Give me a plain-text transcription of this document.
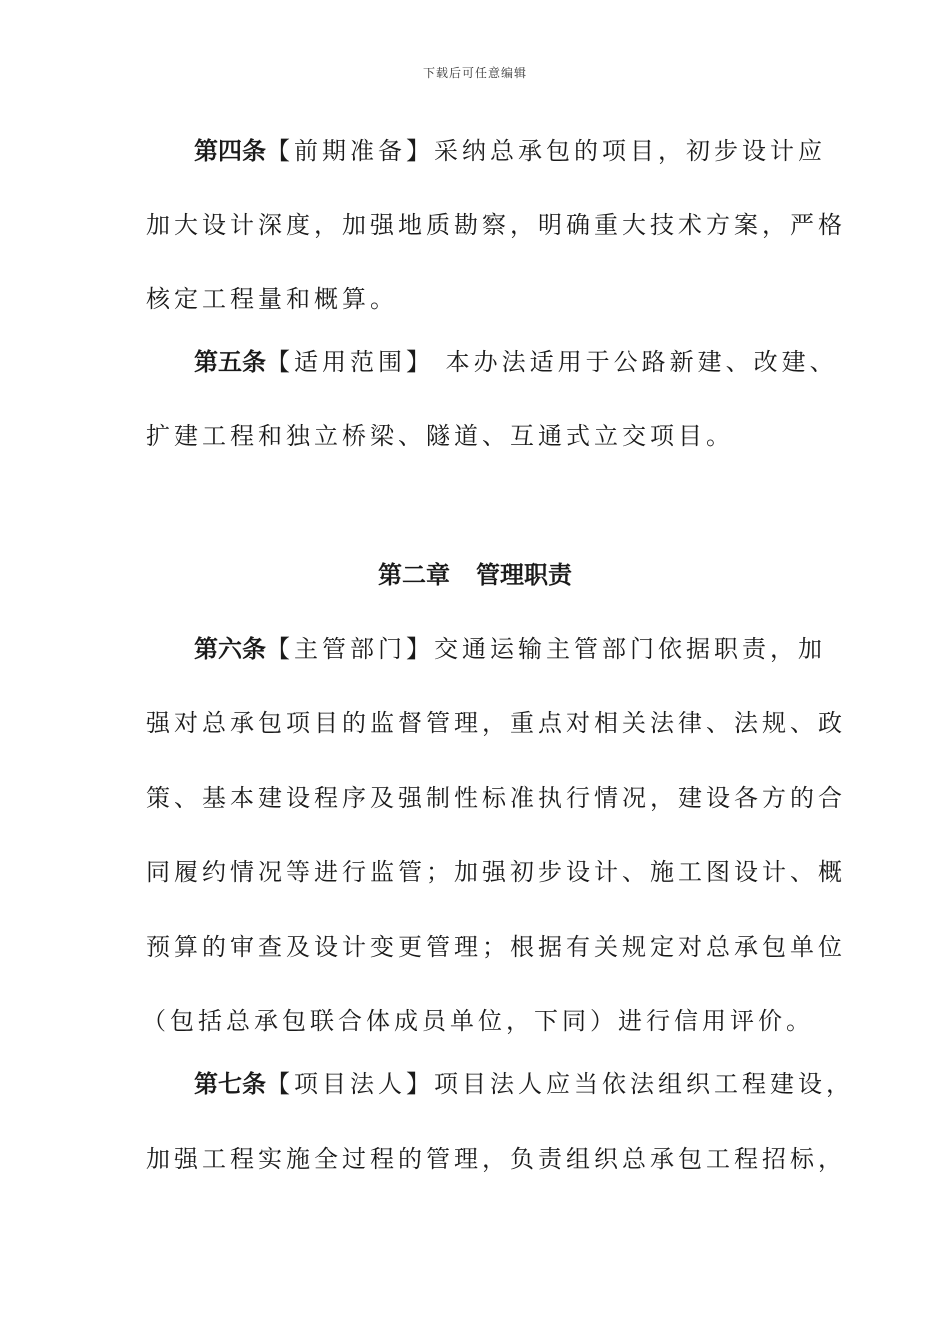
下载后可任意编辑
第四条【前期准备】采纳总承包的项目，初步设计应
加大设计深度，加强地质勘察，明确重大技术方案，严格
核定工程量和概算。
第五条【适用范围】 本办法适用于公路新建、改建、
扩建工程和独立桥梁、隧道、互通式立交项目。
第二章 管理职责
第六条【主管部门】交通运输主管部门依据职责，加
强对总承包项目的监督管理，重点对相关法律、法规、政
策、基本建设程序及强制性标准执行情况，建设各方的合
同履约情况等进行监管；加强初步设计、施工图设计、概
预算的审查及设计变更管理；根据有关规定对总承包单位
（包括总承包联合体成员单位，下同）进行信用评价。
第七条【项目法人】项目法人应当依法组织工程建设，
加强工程实施全过程的管理，负责组织总承包工程招标，
